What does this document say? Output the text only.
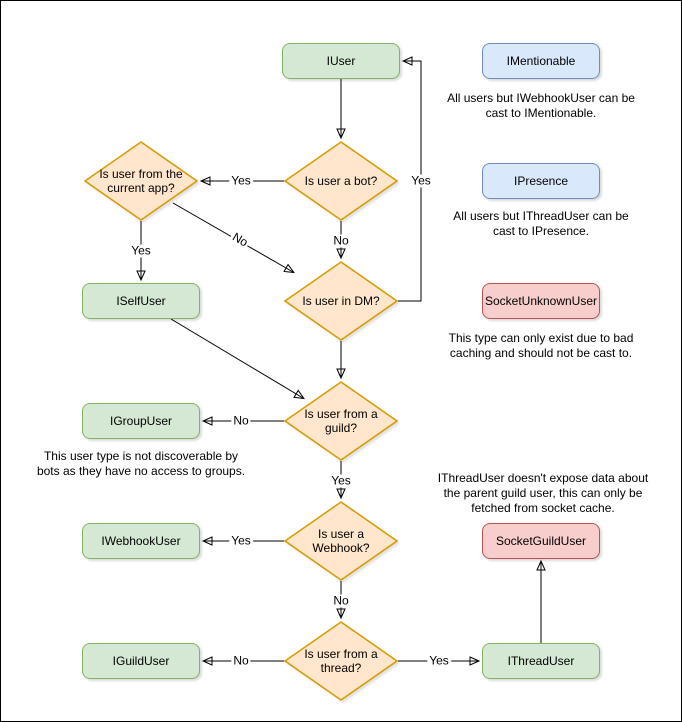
IUser	IMentionable
IPresence
ISelfUser	SocketUnknownUser
IGroupUser
IWebhookUser	SocketGuildUser
IGuildUser	IThreadUser
Is user from the current app?	Is user a bot?
Is user in DM?
Is user from a guild?
Is user a Webhook?
Is user from a thread?
Yes
No
Yes
No
Yes
No
Yes
Yes
No
No	Yes
All users but IWebhookUser can be cast to IMentionable.
All users but IThreadUser can be cast to IPresence.
This type can only exist due to bad caching and should not be cast to.
This user type is not discoverable by bots as they have no access to groups.	IThreadUser doesn't expose data about the parent guild user, this can only be fetched from socket cache.
